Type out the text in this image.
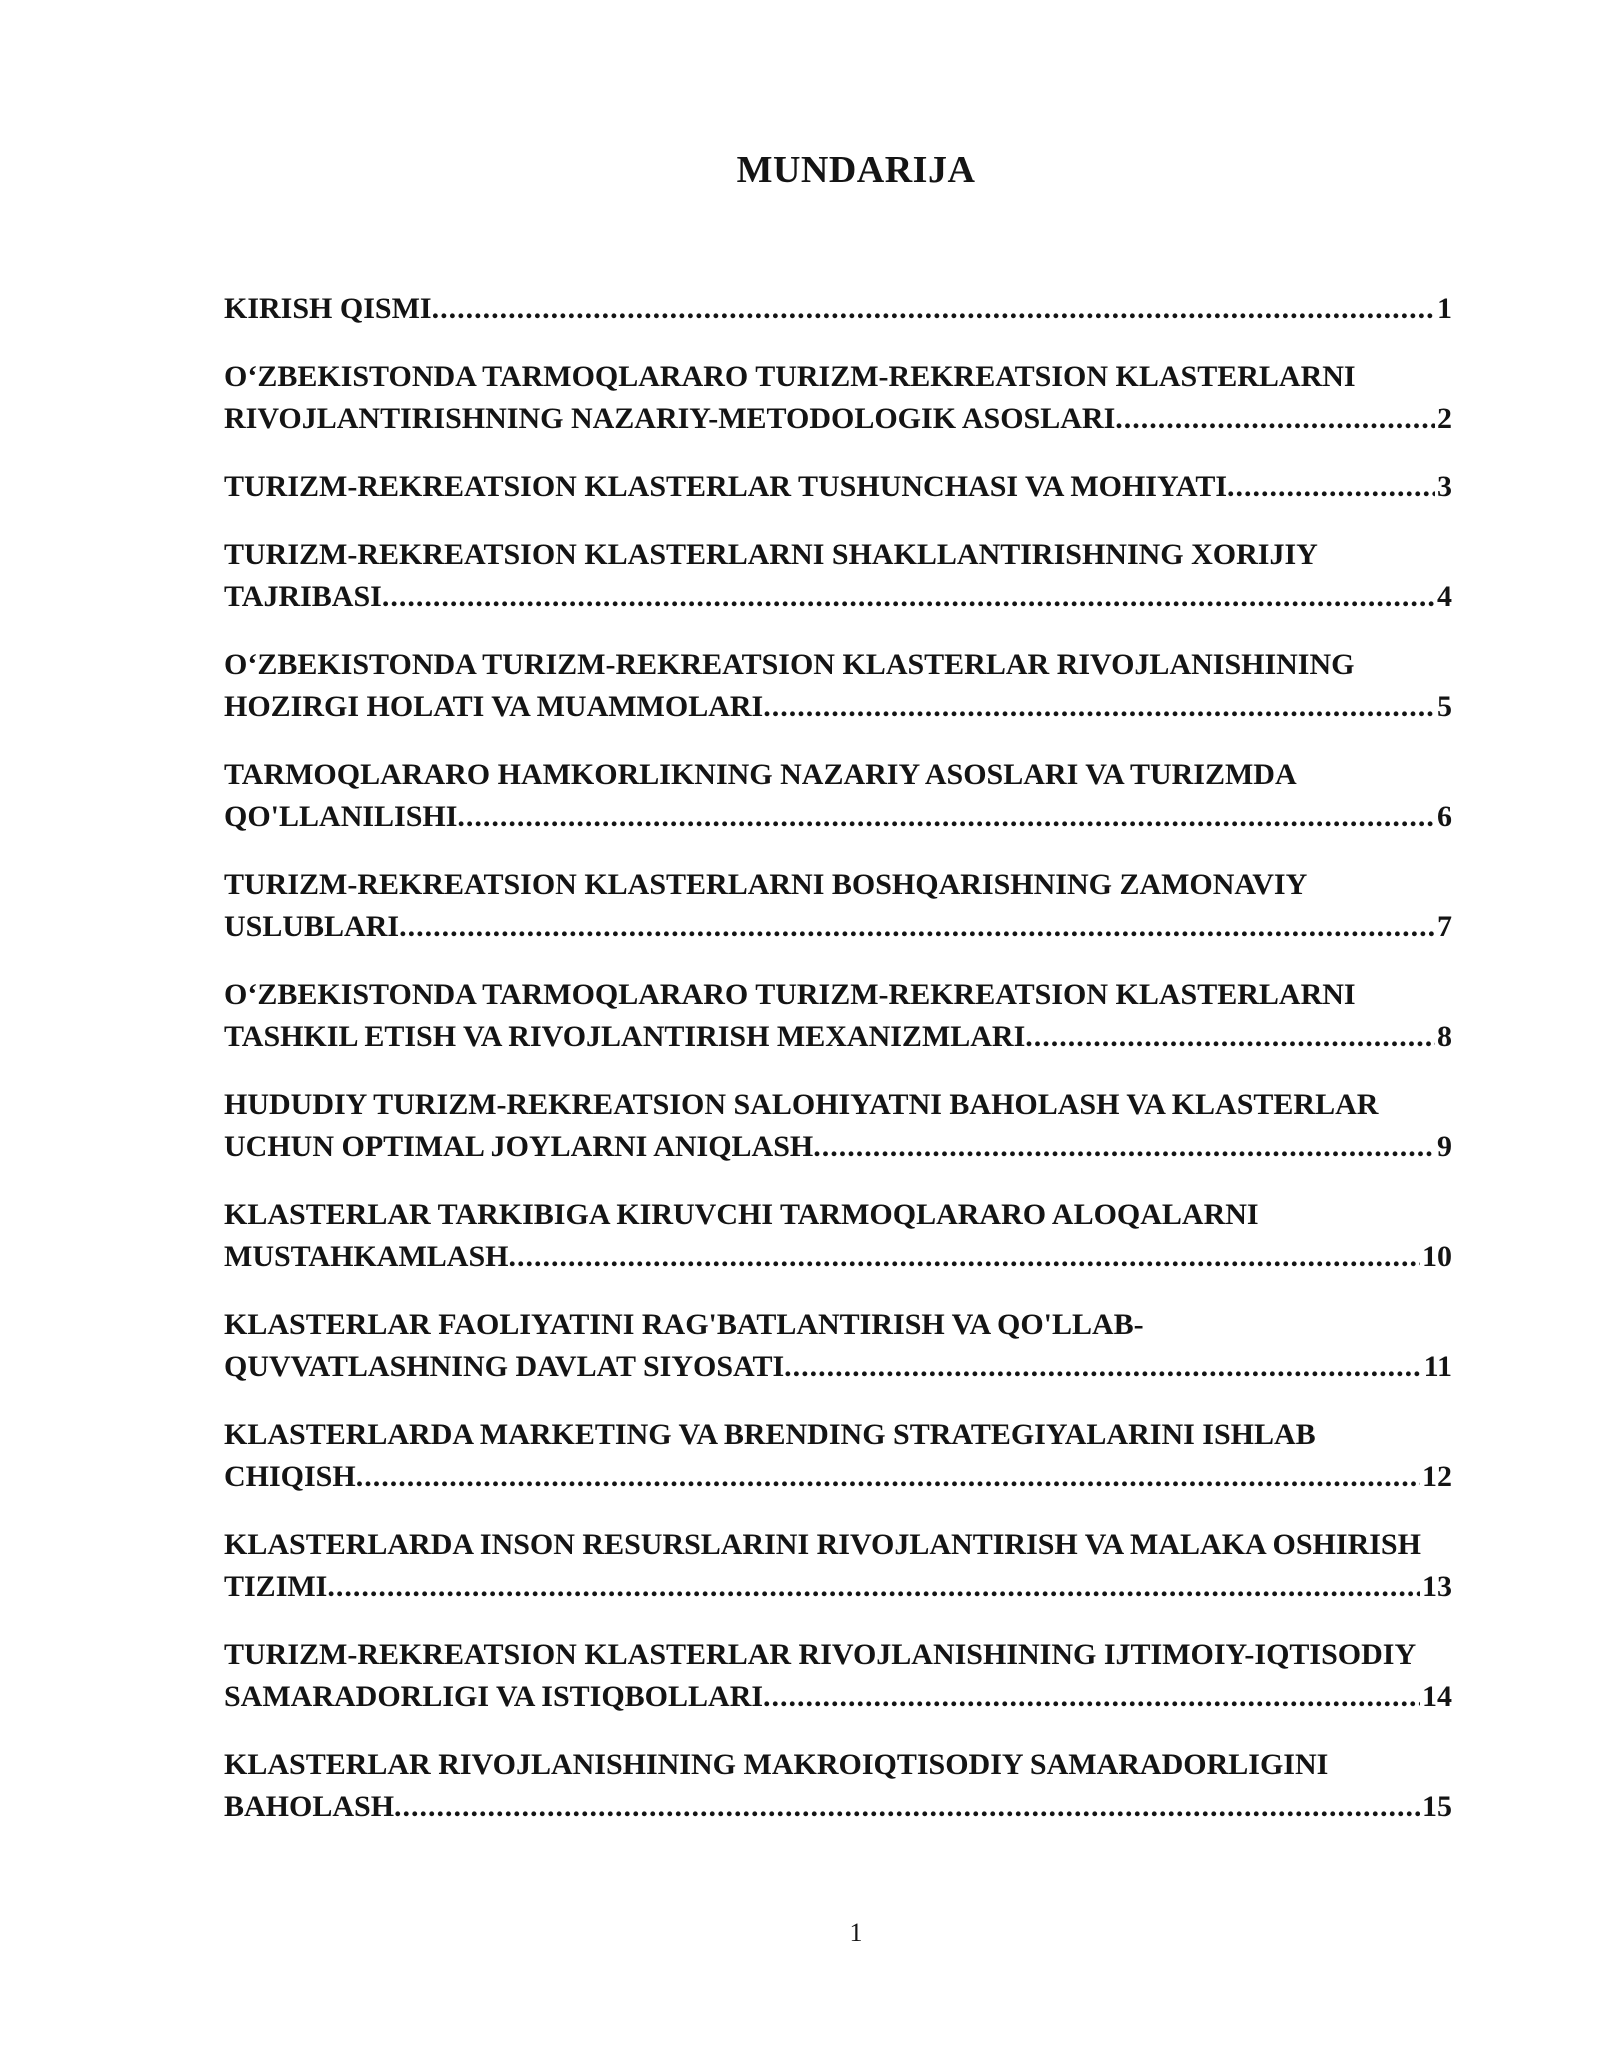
MUNDARIJA
KIRISH QISMI .....	1
O‘ZBEKISTONDA TARMOQLARARO TURIZM-REKREATSION KLASTERLARNI
RIVOJLANTIRISHNING NAZARIY-METODOLOGIK ASOSLARI .....	2
TURIZM-REKREATSION KLASTERLAR TUSHUNCHASI VA MOHIYATI .....	3
TURIZM-REKREATSION KLASTERLARNI SHAKLLANTIRISHNING XORIJIY
TAJRIBASI .....	4
O‘ZBEKISTONDA TURIZM-REKREATSION KLASTERLAR RIVOJLANISHINING
HOZIRGI HOLATI VA MUAMMOLARI .....	5
TARMOQLARARO HAMKORLIKNING NAZARIY ASOSLARI VA TURIZMDA
QO'LLANILISHI .....	6
TURIZM-REKREATSION KLASTERLARNI BOSHQARISHNING ZAMONAVIY
USLUBLARI .....	7
O‘ZBEKISTONDA TARMOQLARARO TURIZM-REKREATSION KLASTERLARNI
TASHKIL ETISH VA RIVOJLANTIRISH MEXANIZMLARI .....	8
HUDUDIY TURIZM-REKREATSION SALOHIYATNI BAHOLASH VA KLASTERLAR
UCHUN OPTIMAL JOYLARNI ANIQLASH .....	9
KLASTERLAR TARKIBIGA KIRUVCHI TARMOQLARARO ALOQALARNI
MUSTAHKAMLASH .....	10
KLASTERLAR FAOLIYATINI RAG'BATLANTIRISH VA QO'LLAB-
QUVVATLASHNING DAVLAT SIYOSATI .....	11
KLASTERLARDA MARKETING VA BRENDING STRATEGIYALARINI ISHLAB
CHIQISH .....	12
KLASTERLARDA INSON RESURSLARINI RIVOJLANTIRISH VA MALAKA OSHIRISH
TIZIMI .....	13
TURIZM-REKREATSION KLASTERLAR RIVOJLANISHINING IJTIMOIY-IQTISODIY
SAMARADORLIGI VA ISTIQBOLLARI .....	14
KLASTERLAR RIVOJLANISHINING MAKROIQTISODIY SAMARADORLIGINI
BAHOLASH .....	15

1
